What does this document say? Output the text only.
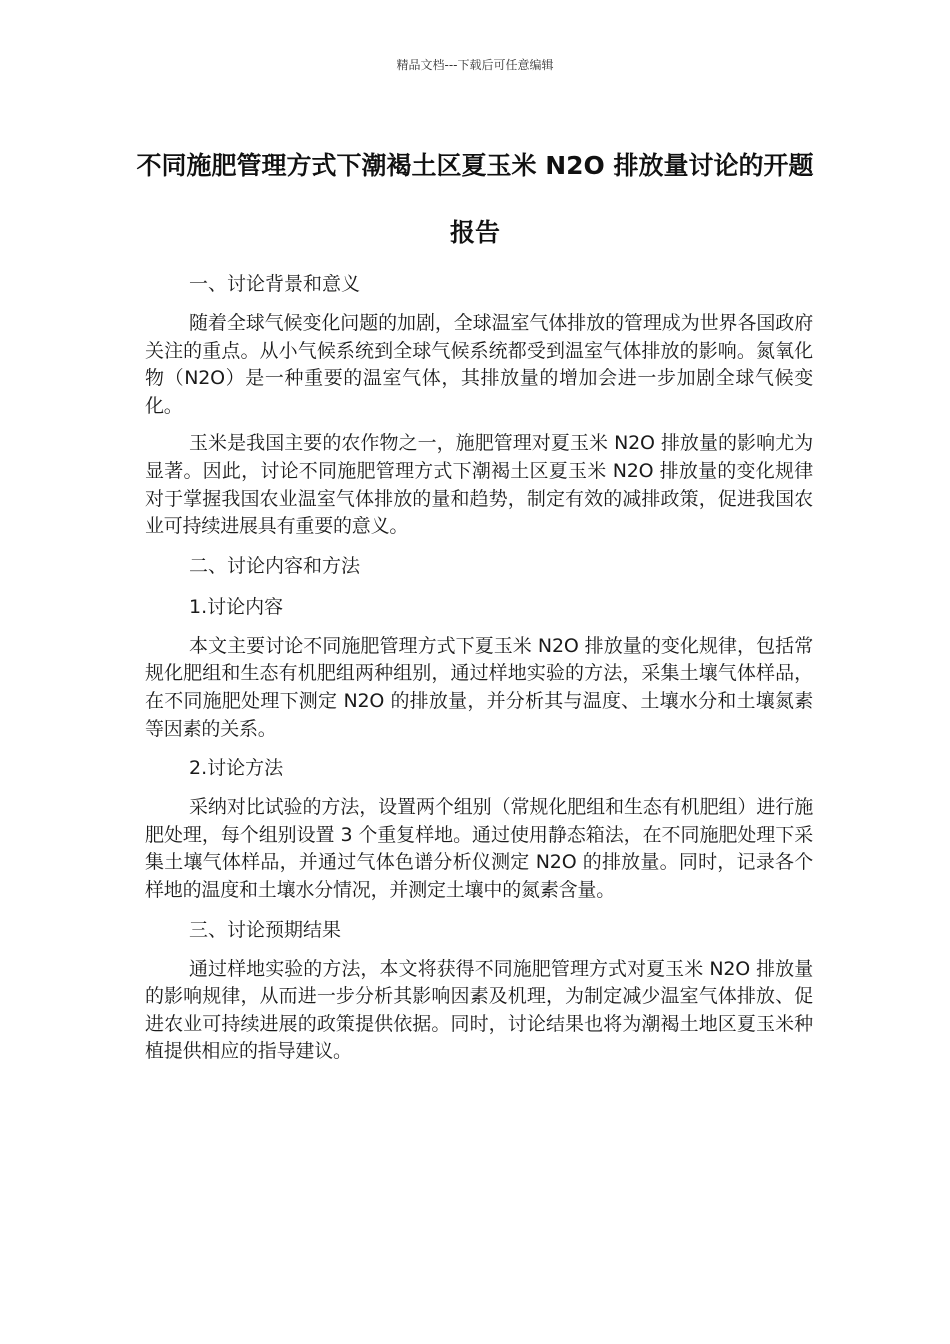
精品文档---下载后可任意编辑
不同施肥管理方式下潮褐土区夏玉米 N2O 排放量讨论的开题报告

一、讨论背景和意义

随着全球气候变化问题的加剧，全球温室气体排放的管理成为世界各国政府关注的重点。从小气候系统到全球气候系统都受到温室气体排放的影响。氮氧化物（N2O）是一种重要的温室气体，其排放量的增加会进一步加剧全球气候变化。

玉米是我国主要的农作物之一，施肥管理对夏玉米 N2O 排放量的影响尤为显著。因此，讨论不同施肥管理方式下潮褐土区夏玉米 N2O 排放量的变化规律对于掌握我国农业温室气体排放的量和趋势，制定有效的减排政策，促进我国农业可持续进展具有重要的意义。

二、讨论内容和方法

1.讨论内容

本文主要讨论不同施肥管理方式下夏玉米 N2O 排放量的变化规律，包括常规化肥组和生态有机肥组两种组别，通过样地实验的方法，采集土壤气体样品，在不同施肥处理下测定 N2O 的排放量，并分析其与温度、土壤水分和土壤氮素等因素的关系。

2.讨论方法

采纳对比试验的方法，设置两个组别（常规化肥组和生态有机肥组）进行施肥处理，每个组别设置 3 个重复样地。通过使用静态箱法，在不同施肥处理下采集土壤气体样品，并通过气体色谱分析仪测定 N2O 的排放量。同时，记录各个样地的温度和土壤水分情况，并测定土壤中的氮素含量。

三、讨论预期结果

通过样地实验的方法，本文将获得不同施肥管理方式对夏玉米 N2O 排放量的影响规律，从而进一步分析其影响因素及机理，为制定减少温室气体排放、促进农业可持续进展的政策提供依据。同时，讨论结果也将为潮褐土地区夏玉米种植提供相应的指导建议。
